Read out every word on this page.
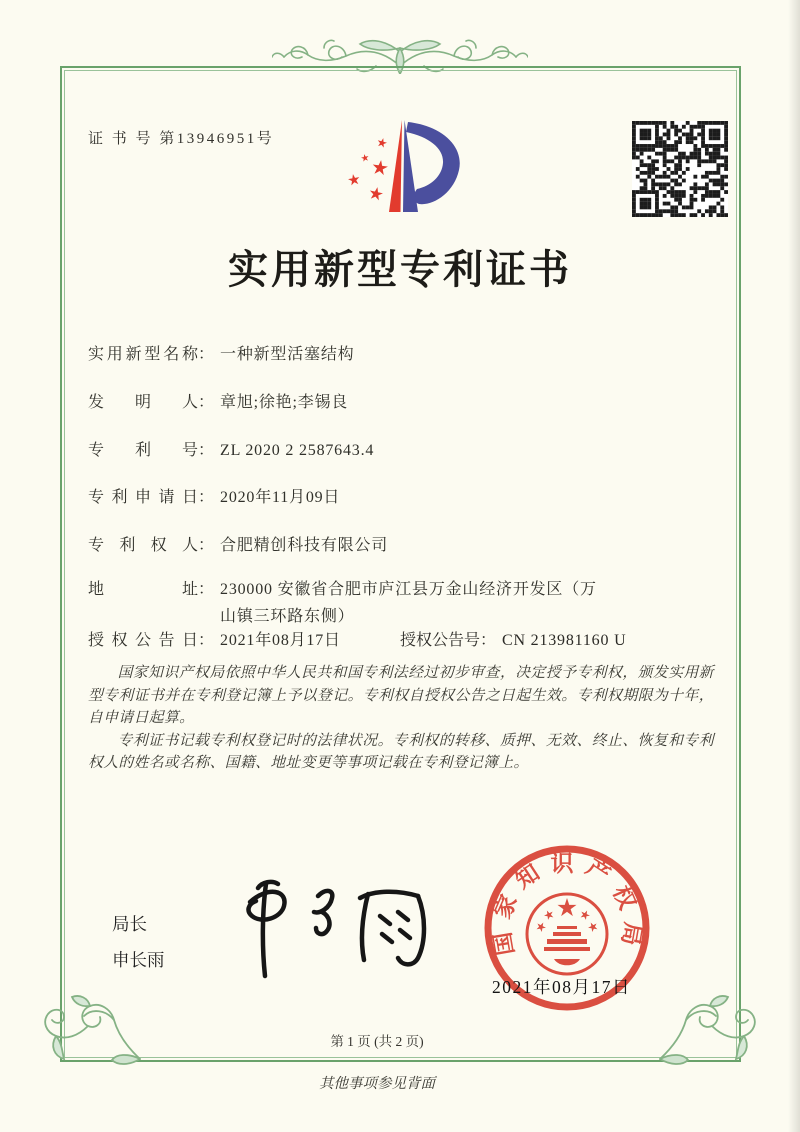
证 书 号 第13946951号
实用新型专利证书
实用新型名称： 一种新型活塞结构
发明人： 章旭;徐艳;李锡良
专利号： ZL 2020 2 2587643.4
专利申请日： 2020年11月09日
专利权人： 合肥精创科技有限公司
地址： 230000 安徽省合肥市庐江县万金山经济开发区（万山镇三环路东侧）
授权公告日： 2021年08月17日	授权公告号： CN 213981160 U

国家知识产权局依照中华人民共和国专利法经过初步审查，决定授予专利权，颁发实用新型专利证书并在专利登记簿上予以登记。专利权自授权公告之日起生效。专利权期限为十年，自申请日起算。

专利证书记载专利权登记时的法律状况。专利权的转移、质押、无效、终止、恢复和专利权人的姓名或名称、国籍、地址变更等事项记载在专利登记簿上。

局长
申长雨
国家知识产权局
2021年08月17日
第 1 页 (共 2 页)
其他事项参见背面
